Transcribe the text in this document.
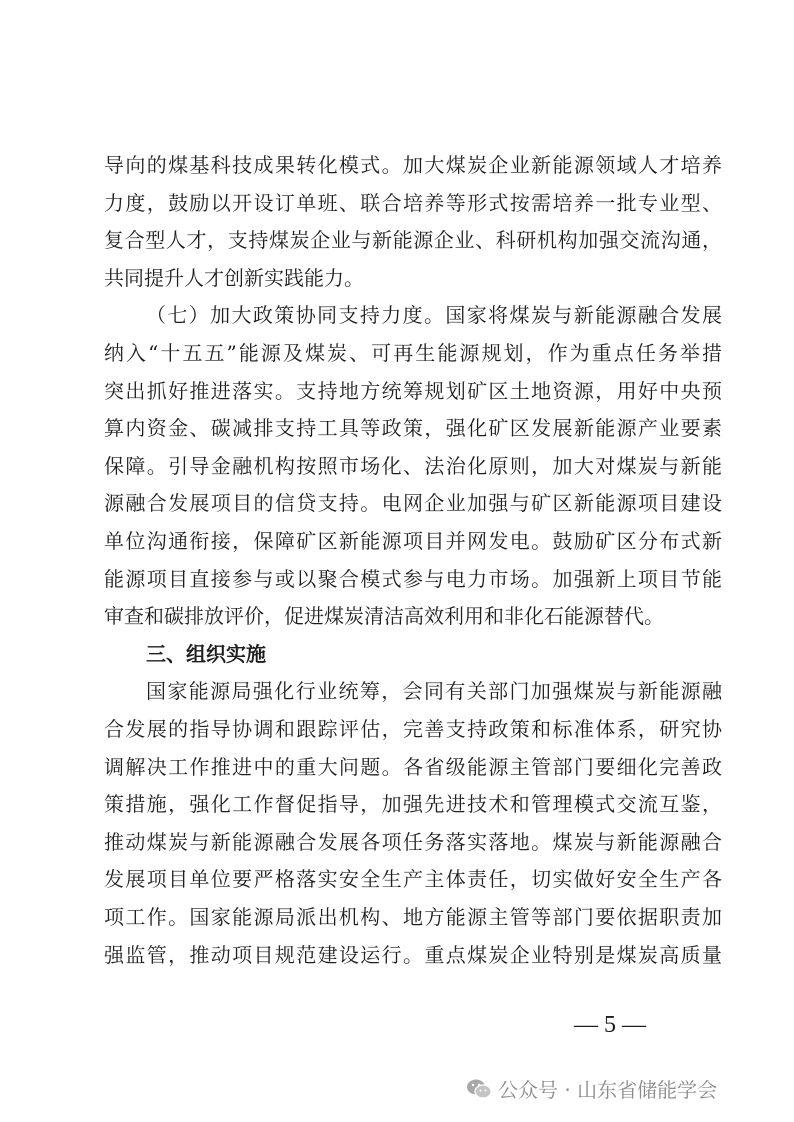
导向的煤基科技成果转化模式。加大煤炭企业新能源领域人才培养
力度，鼓励以开设订单班、联合培养等形式按需培养一批专业型、
复合型人才，支持煤炭企业与新能源企业、科研机构加强交流沟通，
共同提升人才创新实践能力。
（七）加大政策协同支持力度。国家将煤炭与新能源融合发展
纳入“十五五”能源及煤炭、可再生能源规划，作为重点任务举措
突出抓好推进落实。支持地方统筹规划矿区土地资源，用好中央预
算内资金、碳减排支持工具等政策，强化矿区发展新能源产业要素
保障。引导金融机构按照市场化、法治化原则，加大对煤炭与新能
源融合发展项目的信贷支持。电网企业加强与矿区新能源项目建设
单位沟通衔接，保障矿区新能源项目并网发电。鼓励矿区分布式新
能源项目直接参与或以聚合模式参与电力市场。加强新上项目节能
审查和碳排放评价，促进煤炭清洁高效利用和非化石能源替代。
三、组织实施
国家能源局强化行业统筹，会同有关部门加强煤炭与新能源融
合发展的指导协调和跟踪评估，完善支持政策和标准体系，研究协
调解决工作推进中的重大问题。各省级能源主管部门要细化完善政
策措施，强化工作督促指导，加强先进技术和管理模式交流互鉴，
推动煤炭与新能源融合发展各项任务落实落地。煤炭与新能源融合
发展项目单位要严格落实安全生产主体责任，切实做好安全生产各
项工作。国家能源局派出机构、地方能源主管等部门要依据职责加
强监管，推动项目规范建设运行。重点煤炭企业特别是煤炭高质量
— 5 —
公众号 · 山东省储能学会
